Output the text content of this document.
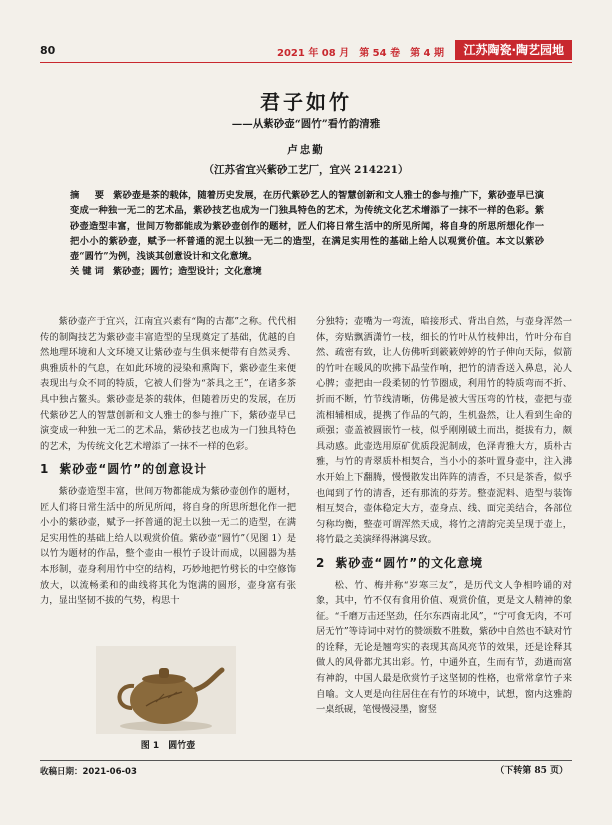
80	2021 年 08 月　第 54 卷　第 4 期	江苏陶瓷·陶艺园地
君子如竹
——从紫砂壶“圆竹”看竹韵清雅
卢忠勤
（江苏省宜兴紫砂工艺厂，宜兴 214221）
摘　要 紫砂壶是茶的载体，随着历史发展，在历代紫砂艺人的智慧创新和文人雅士的参与推广下，紫砂壶早已演变成一种独一无二的艺术品，紫砂技艺也成为一门独具特色的艺术，为传统文化艺术增添了一抹不一样的色彩。紫砂壶造型丰富，世间万物都能成为紫砂壶创作的题材，匠人们将日常生活中的所见所闻，将自身的所思所想化作一把小小的紫砂壶，赋予一杯普通的泥土以独一无二的造型，在满足实用性的基础上给人以观赏价值。本文以紫砂壶“圆竹”为例，浅谈其创意设计和文化意境。
关键词 紫砂壶；圆竹；造型设计；文化意境

紫砂壶产于宜兴，江南宜兴素有“陶的古都”之称。代代相传的制陶技艺为紫砂壶丰富造型的呈现奠定了基础，优越的自然地理环境和人文环境又让紫砂壶与生俱来便带有自然灵秀、典雅质朴的气息，在如此环境的浸染和熏陶下，紫砂壶生来便表现出与众不同的特质，它被人们誉为“茶具之王”，在诸多茶具中独占鳌头。紫砂壶是茶的载体，但随着历史的发展，在历代紫砂艺人的智慧创新和文人雅士的参与推广下，紫砂壶早已演变成一种独一无二的艺术品，紫砂技艺也成为一门独具特色的艺术，为传统文化艺术增添了一抹不一样的色彩。

1 紫砂壶“圆竹”的创意设计

紫砂壶造型丰富，世间万物都能成为紫砂壶创作的题材，匠人们将日常生活中的所见所闻，将自身的所思所想化作一把小小的紫砂壶，赋予一抔普通的泥土以独一无二的造型，在满足实用性的基础上给人以观赏价值。紫砂壶“圆竹”（见图 1）是以竹为题材的作品，整个壶由一根竹子设计而成，以圆器为基本形制，壶身利用竹中空的结构，巧妙地把竹劈长的中空修饰放大，以流畅柔和的曲线将其化为饱满的圆形，壶身富有张力，显出坚韧不拔的气势，构思十

图 1　圆竹壶

分独特；壶嘴为一弯流，暗接形式、背出自然，与壶身浑然一体，旁贴飘洒潇竹一枝，细长的竹叶从竹枝伸出，竹叶分布自然、疏密有致，让人仿佛听到簌簌婷婷的竹子伸向天际，似箭的竹叶在暖风的吹拂下晶莹作响，把竹的清香送入鼻息，沁人心脾；壶把由一段柔韧的竹节圈成，利用竹的特质弯而不折、折而不断，竹节线清晰，仿佛是被大雪压弯的竹枝，壶把与壶流相辅相成，提携了作品的气韵，生机盎然，让人看到生命的顽强；壶盖被圆嵌竹一枝，似乎刚刚破土而出，挺拔有力，颇具动感。此壶选用原矿优质段泥制成，色泽青雅大方，质朴古雅，与竹的青翠质朴相契合，当小小的茶叶置身壶中，注入沸水开始上下翻腾，慢慢散发出阵阵的清香，不只是茶香，似乎也闻到了竹的清香，还有那流的芬芳。整壶泥料、造型与装饰相互契合，壶体稳定大方，壶身点、线、面完美结合，各部位匀称均衡，整壶可谓浑然天成，将竹之清韵完美呈现于壶上，将竹最之美演绎得淋漓尽致。

2 紫砂壶“圆竹”的文化意境

松、竹、梅并称“岁寒三友”，是历代文人争相吟诵的对象，其中，竹不仅有食用价值、观赏价值，更是文人精神的象征。“千磨万击还坚劲，任尔东西南北风”，“宁可食无肉，不可居无竹”等诗词中对竹的赞颂数不胜数，紫砂中自然也不缺对竹的诠释，无论是翘弯实的表现其高风亮节的效果，还是诠释其做人的风骨都尤其出彩。竹，中通外直，生而有节，劲遒而富有神韵，中国人最是欣赏竹子这坚韧的性格，也常常拿竹子来自喻。文人更是向往居住在有竹的环境中，试想，窗内这雅韵一桌纸砚，笔慢慢浸墨，窗竖

收稿日期：2021-06-03	（下转第 85 页）
